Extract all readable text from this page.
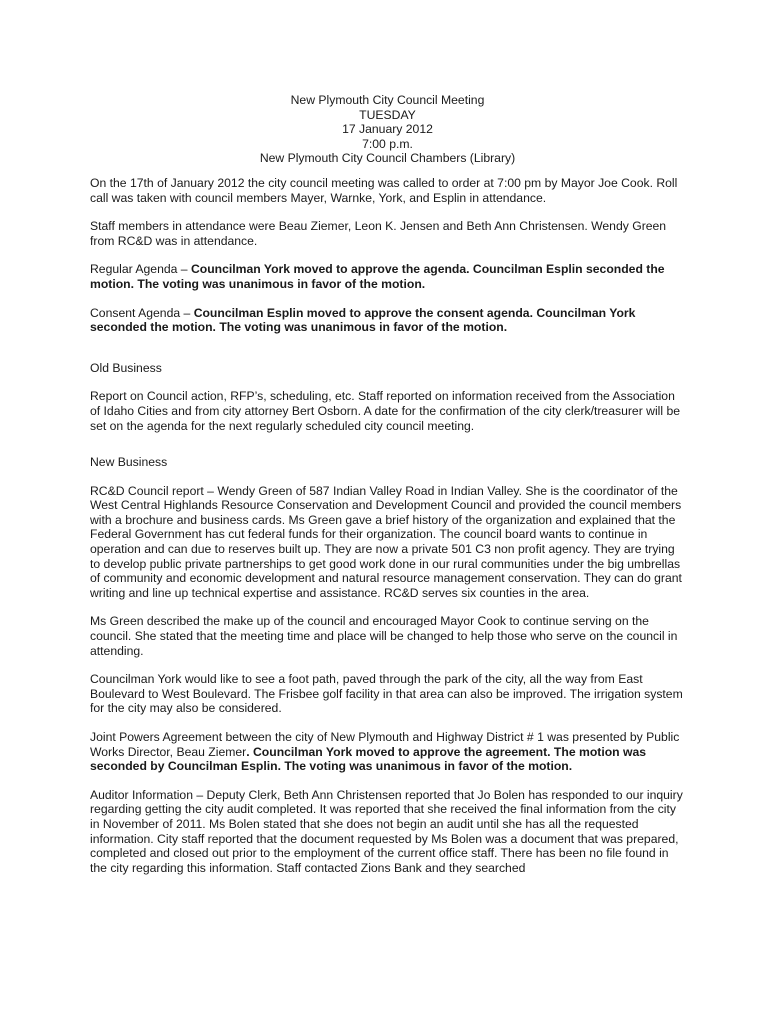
New Plymouth City Council Meeting
TUESDAY
17 January 2012
7:00 p.m.
New Plymouth City Council Chambers (Library)

On the 17th of January 2012 the city council meeting was called to order at 7:00 pm by Mayor Joe Cook. Roll call was taken with council members Mayer, Warnke, York, and Esplin in attendance.

Staff members in attendance were Beau Ziemer, Leon K. Jensen and Beth Ann Christensen. Wendy Green from RC&D was in attendance.

Regular Agenda – Councilman York moved to approve the agenda. Councilman Esplin seconded the motion. The voting was unanimous in favor of the motion.

Consent Agenda – Councilman Esplin moved to approve the consent agenda. Councilman York seconded the motion. The voting was unanimous in favor of the motion.

Old Business

Report on Council action, RFP’s, scheduling, etc. Staff reported on information received from the Association of Idaho Cities and from city attorney Bert Osborn. A date for the confirmation of the city clerk/treasurer will be set on the agenda for the next regularly scheduled city council meeting.

New Business

RC&D Council report – Wendy Green of 587 Indian Valley Road in Indian Valley. She is the coordinator of the West Central Highlands Resource Conservation and Development Council and provided the council members with a brochure and business cards. Ms Green gave a brief history of the organization and explained that the Federal Government has cut federal funds for their organization. The council board wants to continue in operation and can due to reserves built up. They are now a private 501 C3 non profit agency. They are trying to develop public private partnerships to get good work done in our rural communities under the big umbrellas of community and economic development and natural resource management conservation. They can do grant writing and line up technical expertise and assistance. RC&D serves six counties in the area.

Ms Green described the make up of the council and encouraged Mayor Cook to continue serving on the council. She stated that the meeting time and place will be changed to help those who serve on the council in attending.

Councilman York would like to see a foot path, paved through the park of the city, all the way from East Boulevard to West Boulevard. The Frisbee golf facility in that area can also be improved. The irrigation system for the city may also be considered.

Joint Powers Agreement between the city of New Plymouth and Highway District # 1 was presented by Public Works Director, Beau Ziemer. Councilman York moved to approve the agreement. The motion was seconded by Councilman Esplin. The voting was unanimous in favor of the motion.

Auditor Information – Deputy Clerk, Beth Ann Christensen reported that Jo Bolen has responded to our inquiry regarding getting the city audit completed. It was reported that she received the final information from the city in November of 2011. Ms Bolen stated that she does not begin an audit until she has all the requested information. City staff reported that the document requested by Ms Bolen was a document that was prepared, completed and closed out prior to the employment of the current office staff. There has been no file found in the city regarding this information. Staff contacted Zions Bank and they searched
